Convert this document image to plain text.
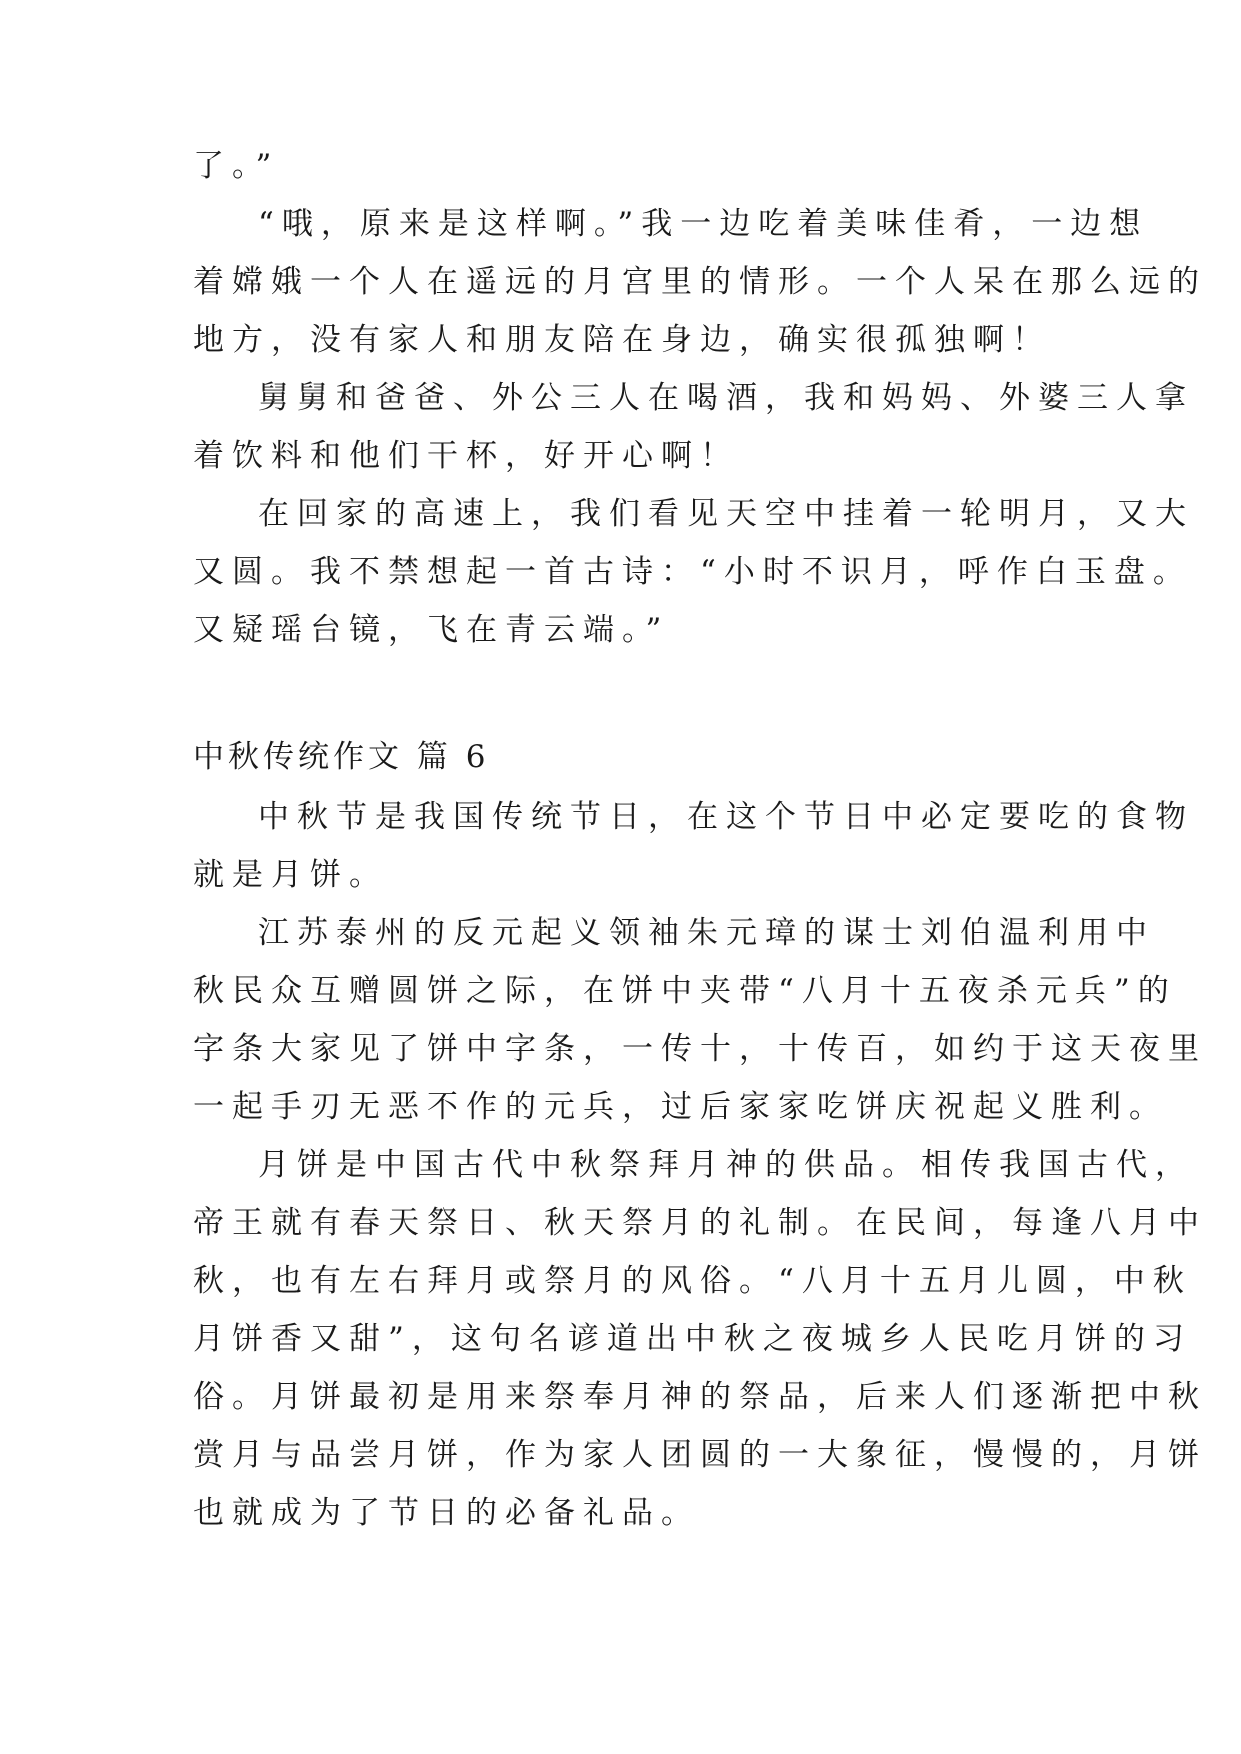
了。”
“哦，原来是这样啊。”我一边吃着美味佳肴，一边想
着嫦娥一个人在遥远的月宫里的情形。一个人呆在那么远的
地方，没有家人和朋友陪在身边，确实很孤独啊！
舅舅和爸爸、外公三人在喝酒，我和妈妈、外婆三人拿
着饮料和他们干杯，好开心啊！
在回家的高速上，我们看见天空中挂着一轮明月，又大
又圆。我不禁想起一首古诗：“小时不识月，呼作白玉盘。
又疑瑶台镜，飞在青云端。”
中秋传统作文 篇 6
中秋节是我国传统节日，在这个节日中必定要吃的食物
就是月饼。
江苏泰州的反元起义领袖朱元璋的谋士刘伯温利用中
秋民众互赠圆饼之际，在饼中夹带“八月十五夜杀元兵”的
字条大家见了饼中字条，一传十，十传百，如约于这天夜里
一起手刃无恶不作的元兵，过后家家吃饼庆祝起义胜利。
月饼是中国古代中秋祭拜月神的供品。相传我国古代，
帝王就有春天祭日、秋天祭月的礼制。在民间，每逢八月中
秋，也有左右拜月或祭月的风俗。“八月十五月儿圆，中秋
月饼香又甜”，这句名谚道出中秋之夜城乡人民吃月饼的习
俗。月饼最初是用来祭奉月神的祭品，后来人们逐渐把中秋
赏月与品尝月饼，作为家人团圆的一大象征，慢慢的，月饼
也就成为了节日的必备礼品。
